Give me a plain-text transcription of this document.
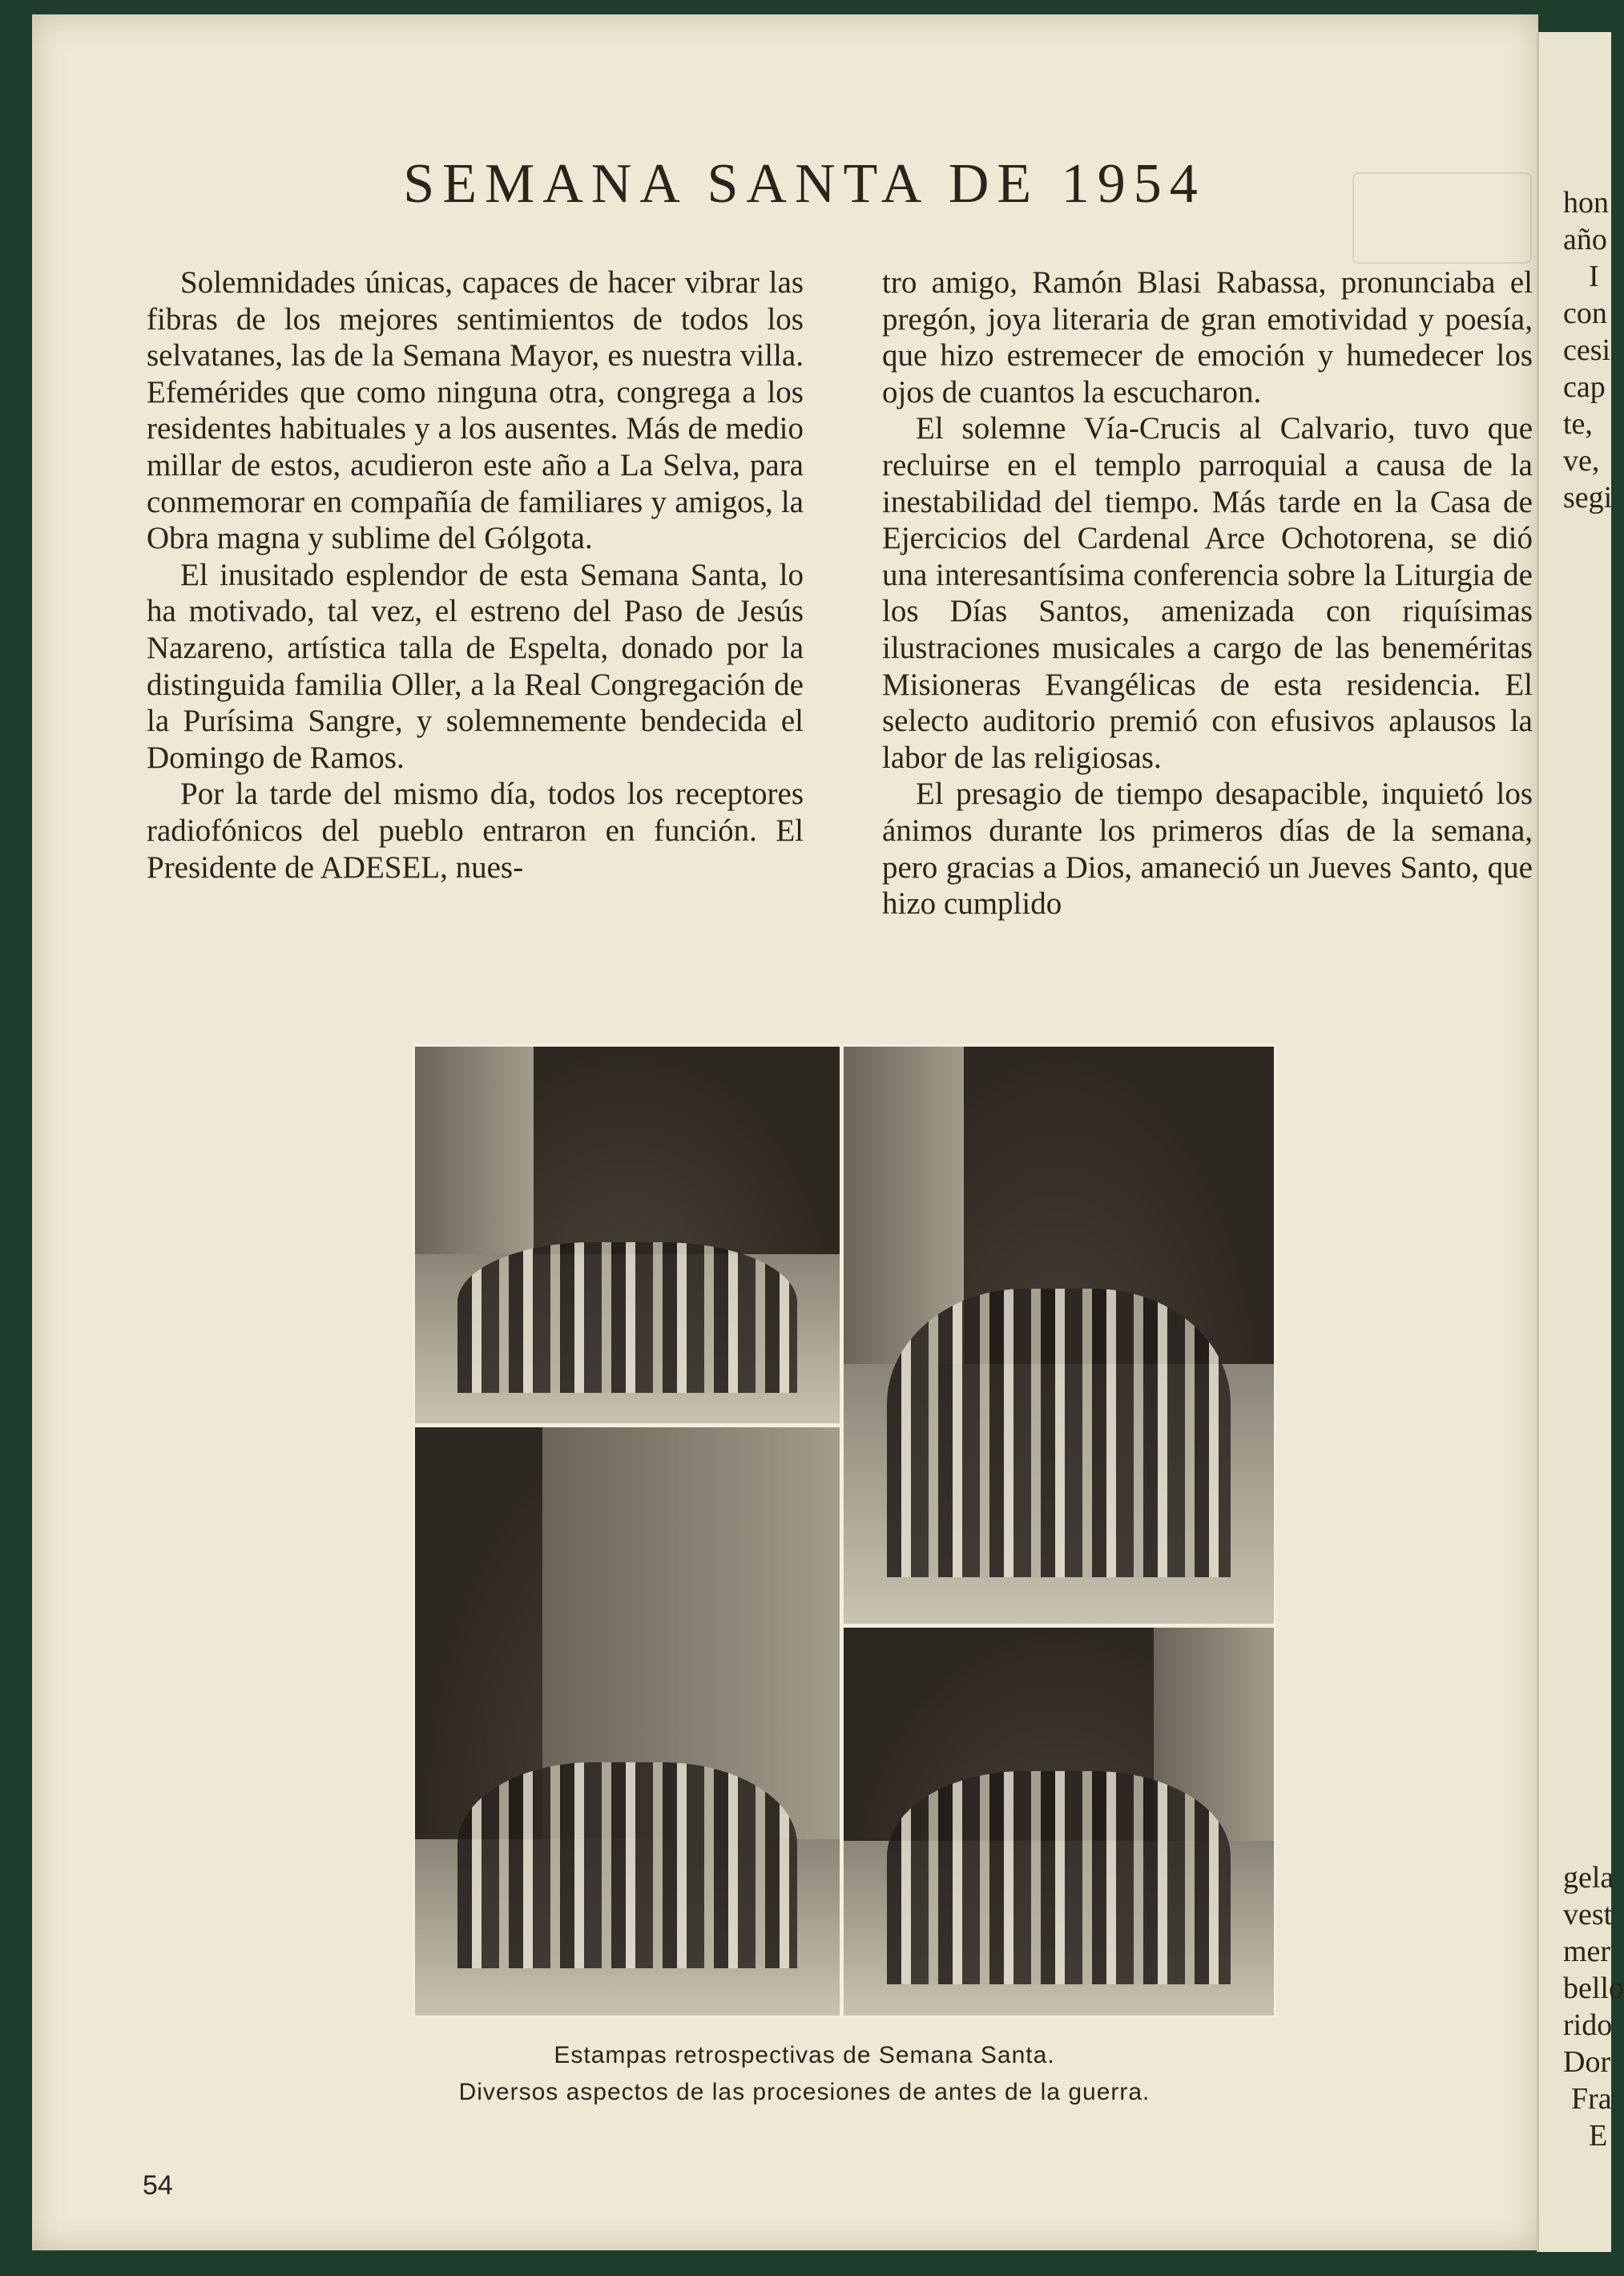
hon
año
I
con
cesi
cap
te,
ve,
segi
gela
vest
mer
bello
rido
Dor
Fra
E
SEMANA SANTA DE 1954

Solemnidades únicas, capaces de hacer vibrar las fibras de los mejores sentimientos de todos los selvatanes, las de la Semana Mayor, es nuestra villa. Efemérides que como ninguna otra, congrega a los residentes habituales y a los ausentes. Más de medio millar de estos, acudieron este año a La Selva, para conmemorar en compañía de familiares y amigos, la Obra magna y sublime del Gólgota.

El inusitado esplendor de esta Semana Santa, lo ha motivado, tal vez, el estreno del Paso de Jesús Nazareno, artística talla de Espelta, donado por la distinguida familia Oller, a la Real Congregación de la Purísima Sangre, y solemnemente bendecida el Domingo de Ramos.

Por la tarde del mismo día, todos los receptores radiofónicos del pueblo entraron en función. El Presidente de ADESEL, nues-

tro amigo, Ramón Blasi Rabassa, pronunciaba el pregón, joya literaria de gran emotividad y poesía, que hizo estremecer de emoción y humedecer los ojos de cuantos la escucharon.

El solemne Vía-Crucis al Calvario, tuvo que recluirse en el templo parroquial a causa de la inestabilidad del tiempo. Más tarde en la Casa de Ejercicios del Cardenal Arce Ochotorena, se dió una interesantísima conferencia sobre la Liturgia de los Días Santos, amenizada con riquísimas ilustraciones musicales a cargo de las beneméritas Misioneras Evangélicas de esta residencia. El selecto auditorio premió con efusivos aplausos la labor de las religiosas.

El presagio de tiempo desapacible, inquietó los ánimos durante los primeros días de la semana, pero gracias a Dios, amaneció un Jueves Santo, que hizo cumplido

Estampas retrospectivas de Semana Santa.
Diversos aspectos de las procesiones de antes de la guerra.
54
